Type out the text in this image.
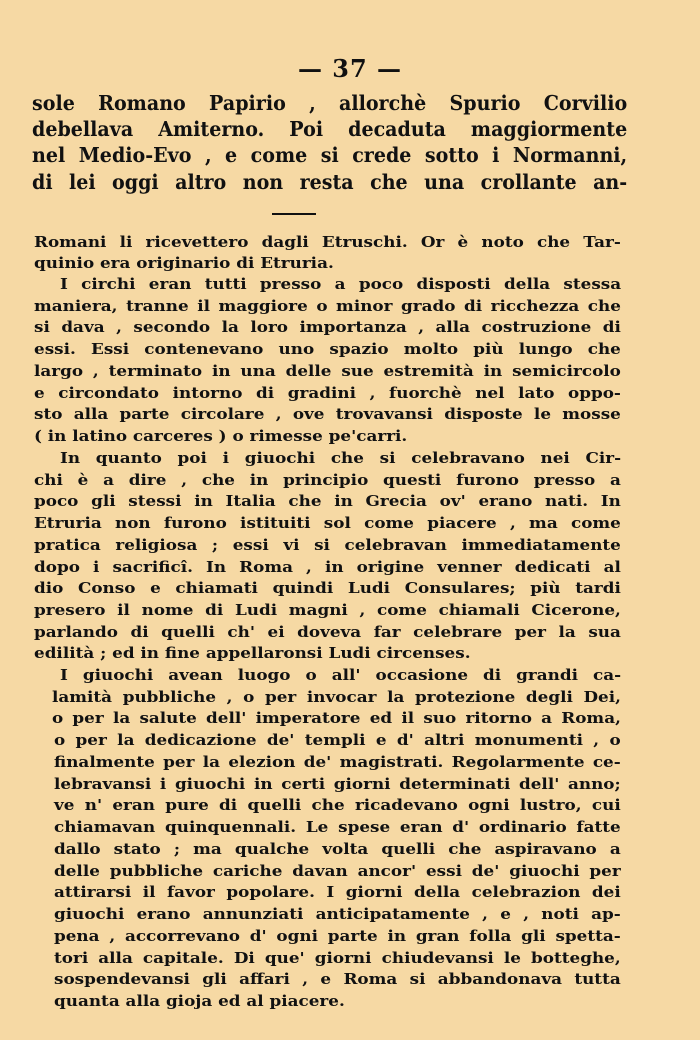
— 37 —
sole Romano Papirio , allorchè Spurio Corvilio
debellava Amiterno. Poi decaduta maggiormente
nel Medio-Evo , e come si crede sotto i Normanni,
di lei oggi altro non resta che una crollante an-
Romani li ricevettero dagli Etruschi. Or è noto che Tar-
quinio era originario di Etruria.
I circhi eran tutti presso a poco disposti della stessa
maniera, tranne il maggiore o minor grado di ricchezza che
si dava , secondo la loro importanza , alla costruzione di
essi. Essi contenevano uno spazio molto più lungo che
largo , terminato in una delle sue estremità in semicircolo
e circondato intorno di gradini , fuorchè nel lato oppo-
sto alla parte circolare , ove trovavansi disposte le mosse
( in latino carceres ) o rimesse pe'carri.
In quanto poi i giuochi che si celebravano nei Cir-
chi è a dire , che in principio questi furono presso a
poco gli stessi in Italia che in Grecia ov' erano nati. In
Etruria non furono istituiti sol come piacere , ma come
pratica religiosa ; essi vi si celebravan immediatamente
dopo i sacrificî. In Roma , in origine venner dedicati al
dio Conso e chiamati quindi Ludi Consulares; più tardi
presero il nome di Ludi magni , come chiamali Cicerone,
parlando di quelli ch' ei doveva far celebrare per la sua
edilità ; ed in fine appellaronsi Ludi circenses.
I giuochi avean luogo o all' occasione di grandi ca-
lamità pubbliche , o per invocar la protezione degli Dei,
o per la salute dell' imperatore ed il suo ritorno a Roma,
o per la dedicazione de' templi e d' altri monumenti , o
finalmente per la elezion de' magistrati. Regolarmente ce-
lebravansi i giuochi in certi giorni determinati dell' anno;
ve n' eran pure di quelli che ricadevano ogni lustro, cui
chiamavan quinquennali. Le spese eran d' ordinario fatte
dallo stato ; ma qualche volta quelli che aspiravano a
delle pubbliche cariche davan ancor' essi de' giuochi per
attirarsi il favor popolare. I giorni della celebrazion dei
giuochi erano annunziati anticipatamente , e , noti ap-
pena , accorrevano d' ogni parte in gran folla gli spetta-
tori alla capitale. Di que' giorni chiudevansi le botteghe,
sospendevansi gli affari , e Roma si abbandonava tutta
quanta alla gioja ed al piacere.
